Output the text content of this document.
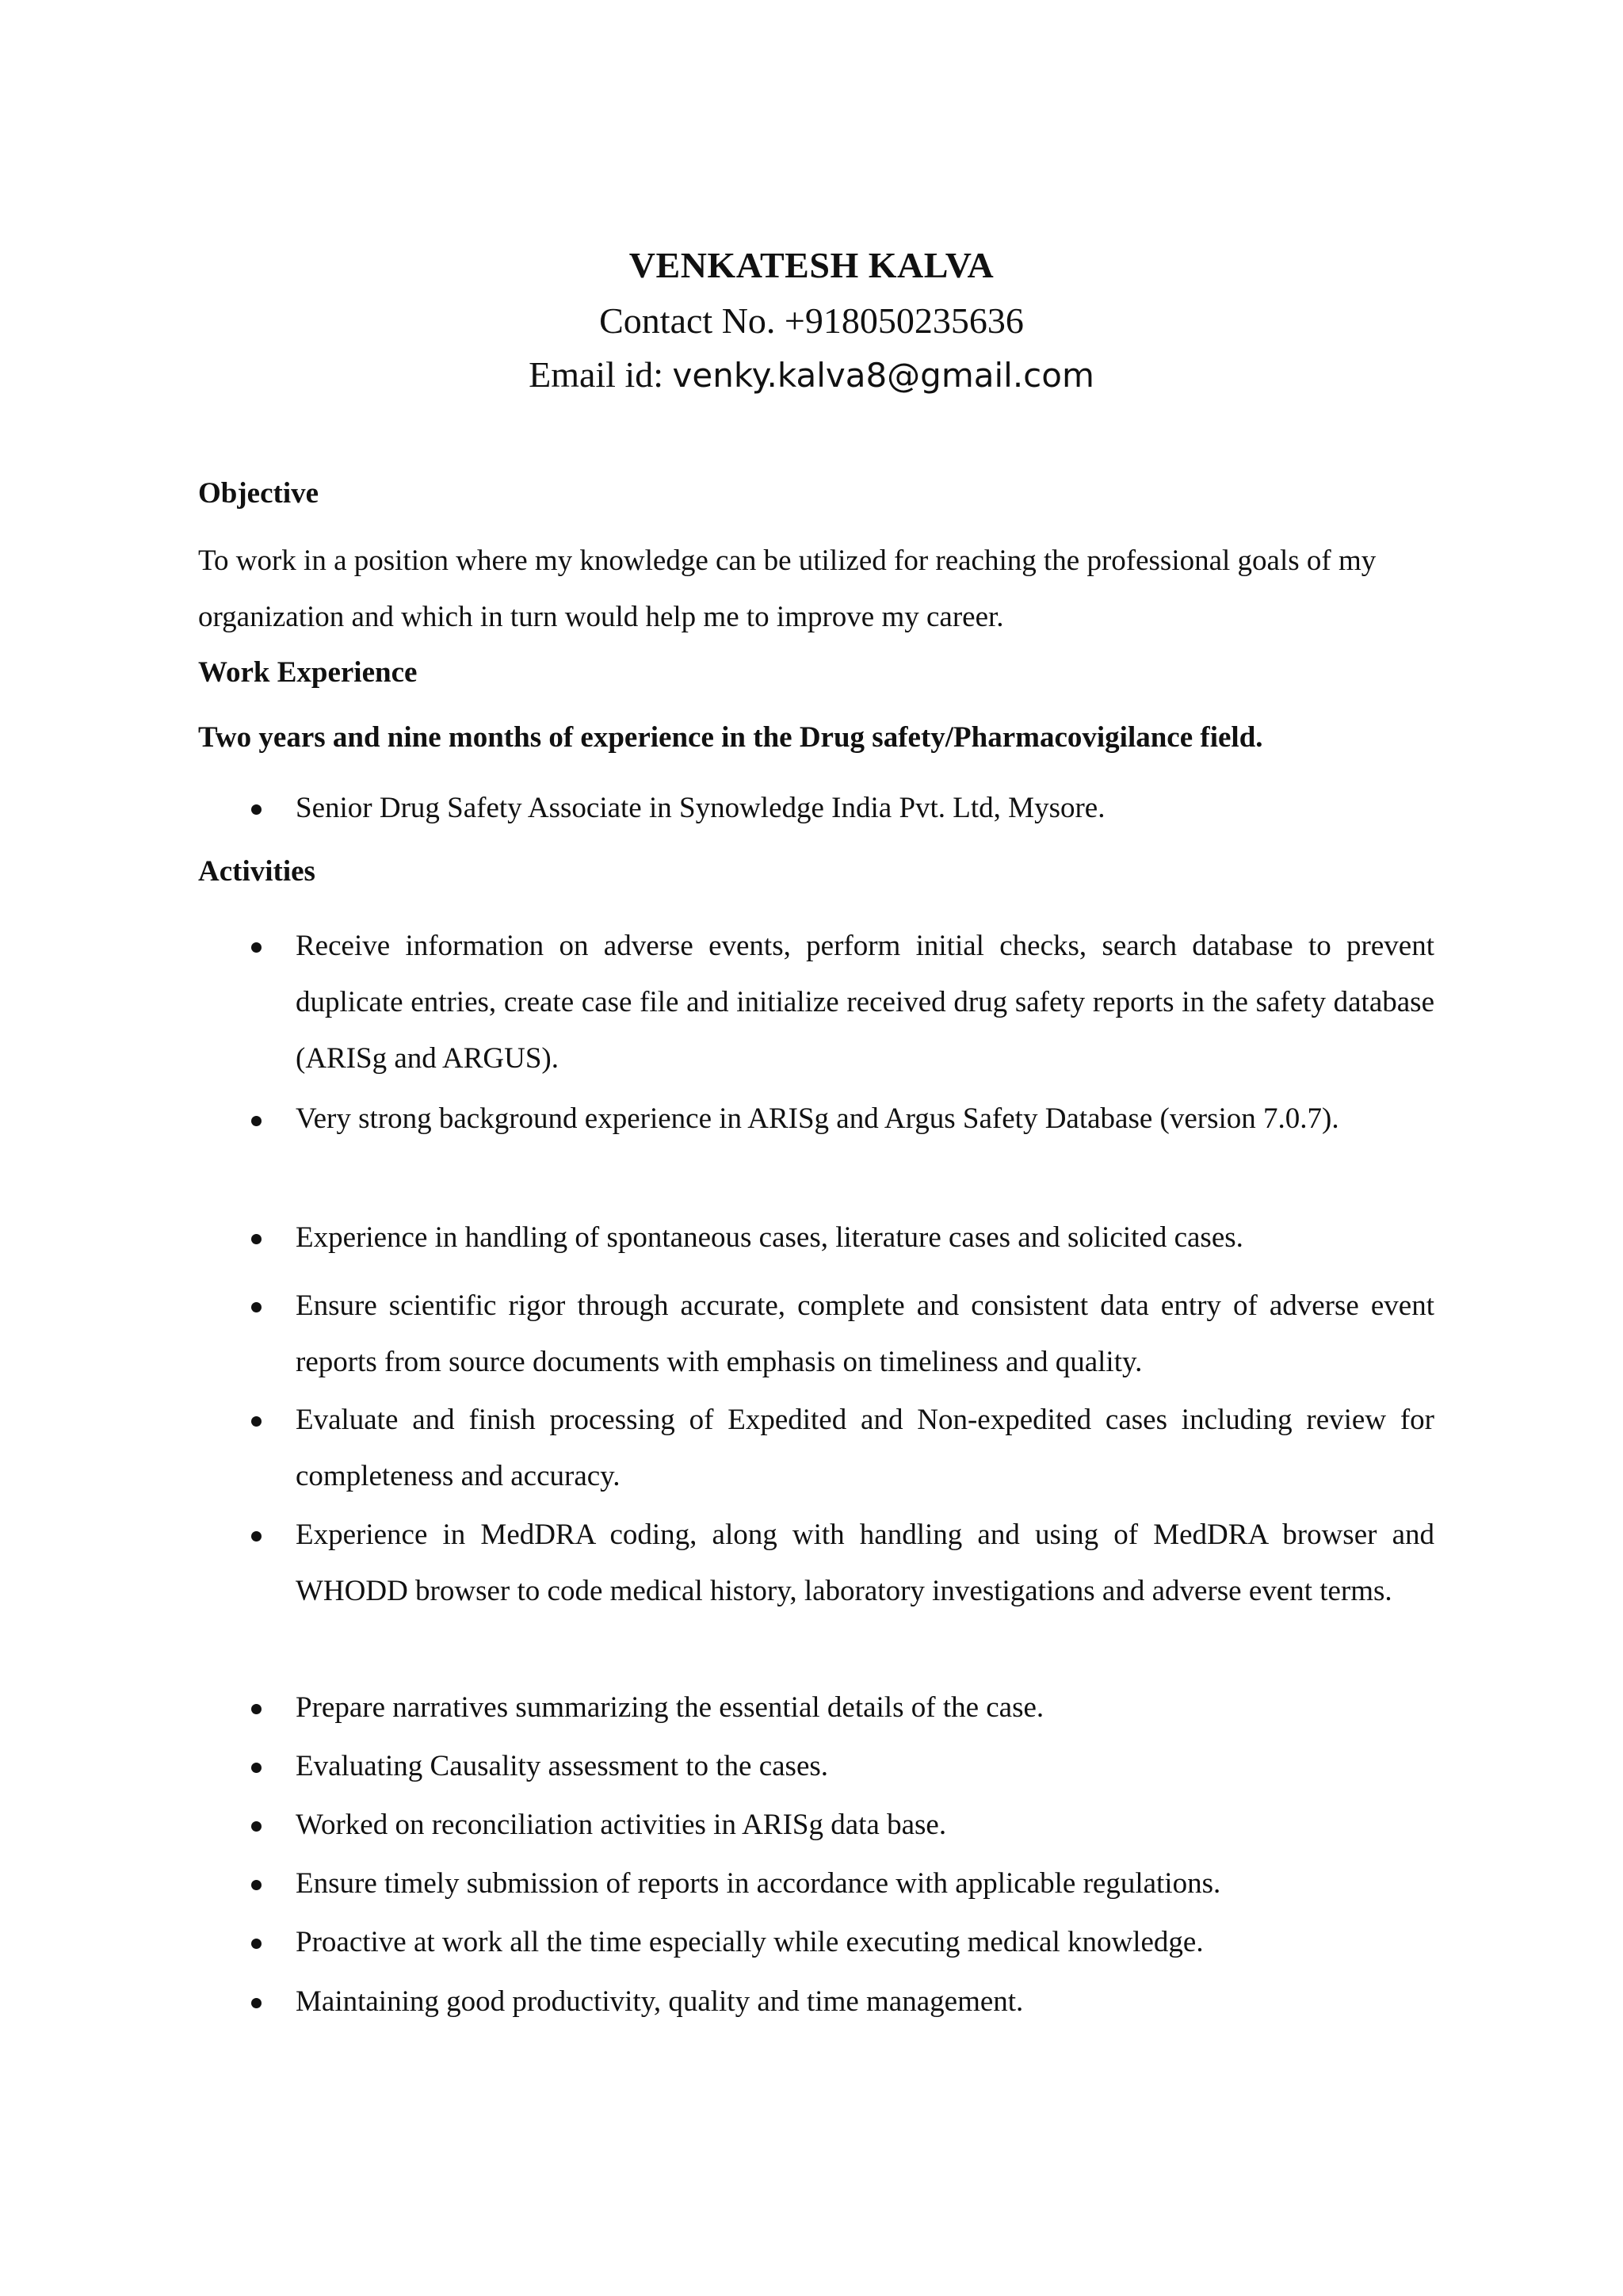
VENKATESH KALVA
Contact No. +918050235636
Email id: venky.kalva8@gmail.com
Objective
To work in a position where my knowledge can be utilized for reaching the professional goals of my organization and which in turn would help me to improve my career.
Work Experience
Two years and nine months of experience in the Drug safety/Pharmacovigilance field.
Senior Drug Safety Associate in Synowledge India Pvt. Ltd, Mysore.
Activities
Receive information on adverse events, perform initial checks, search database to prevent duplicate entries, create case file and initialize received drug safety reports in the safety database (ARISg and ARGUS).
Very strong background experience in ARISg and Argus Safety Database (version 7.0.7).
Experience in handling of spontaneous cases, literature cases and solicited cases.
Ensure scientific rigor through accurate, complete and consistent data entry of adverse event reports from source documents with emphasis on timeliness and quality.
Evaluate and finish processing of Expedited and Non-expedited cases including review for completeness and accuracy.
Experience in MedDRA coding, along with handling and using of MedDRA browser and WHODD browser to code medical history, laboratory investigations and adverse event terms.
Prepare narratives summarizing the essential details of the case.
Evaluating Causality assessment to the cases.
Worked on reconciliation activities in ARISg data base.
Ensure timely submission of reports in accordance with applicable regulations.
Proactive at work all the time especially while executing medical knowledge.
Maintaining good productivity, quality and time management.
